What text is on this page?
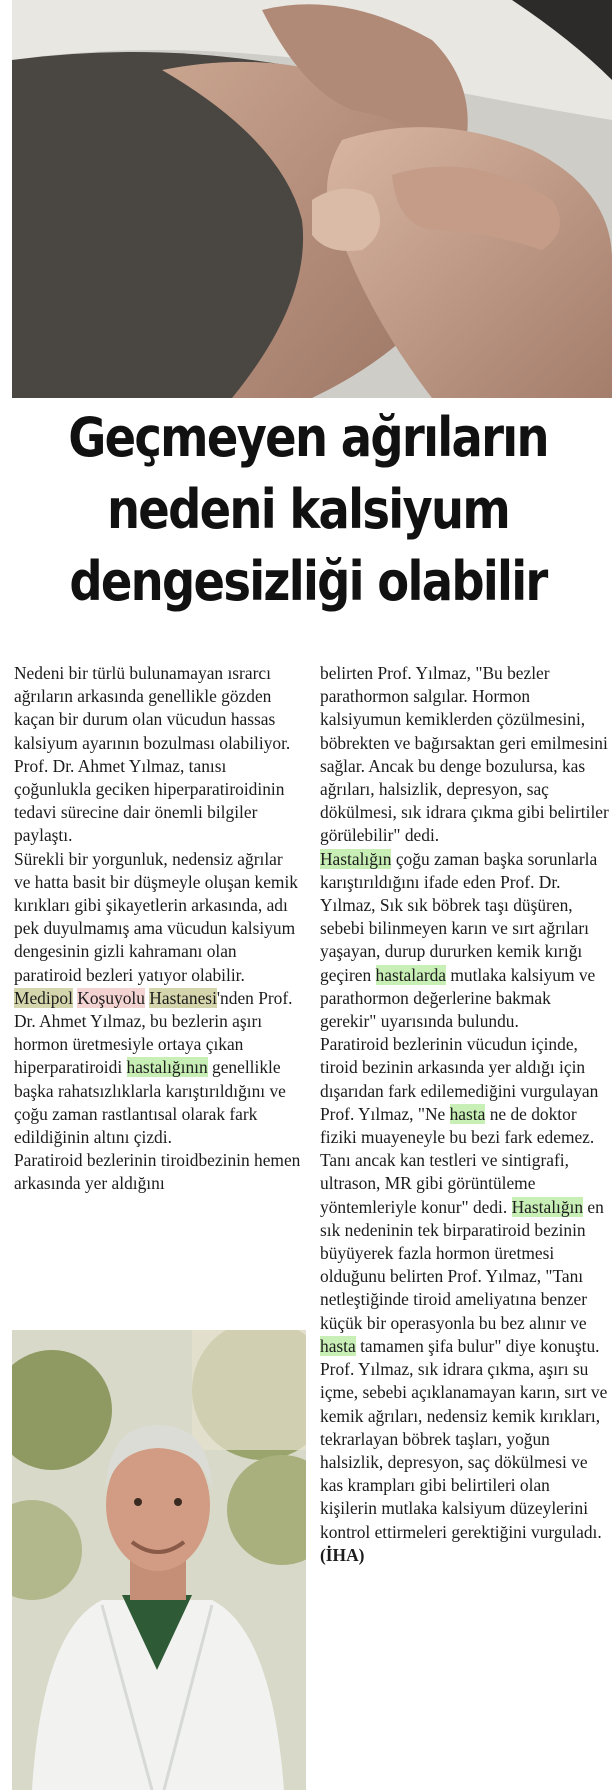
Geçmeyen ağrıların
nedeni kalsiyum
dengesizliği olabilir

Nedeni bir türlü bulunamayan ısrarcı ağrıların arkasında genellikle gözden kaçan bir durum olan vücudun hassas kalsiyum ayarının bozulması olabiliyor. Prof. Dr. Ahmet Yılmaz, tanısı çoğunlukla geciken hiperparatiroidinin tedavi sürecine dair önemli bilgiler paylaştı.

Sürekli bir yorgunluk, nedensiz ağrılar ve hatta basit bir düşmeyle oluşan kemik kırıkları gibi şikayetlerin arkasında, adı pek duyulmamış ama vücudun kalsiyum dengesinin gizli kahramanı olan paratiroid bezleri yatıyor olabilir. Medipol Koşuyolu Hastanesi'nden Prof. Dr. Ahmet Yılmaz, bu bezlerin aşırı hormon üretmesiyle ortaya çıkan hiperparatiroidi hastalığının genellikle başka rahatsızlıklarla karıştırıldığını ve çoğu zaman rastlantısal olarak fark edildiğinin altını çizdi.

Paratiroid bezlerinin tiroidbezinin hemen arkasında yer aldığını

belirten Prof. Yılmaz, "Bu bezler parathormon salgılar. Hormon kalsiyumun kemiklerden çözülmesini, böbrekten ve bağırsaktan geri emilmesini sağlar. Ancak bu denge bozulursa, kas ağrıları, halsizlik, depresyon, saç dökülmesi, sık idrara çıkma gibi belirtiler görülebilir" dedi.

Hastalığın çoğu zaman başka sorunlarla karıştırıldığını ifade eden Prof. Dr. Yılmaz, Sık sık böbrek taşı düşüren, sebebi bilinmeyen karın ve sırt ağrıları yaşayan, durup dururken kemik kırığı geçiren hastalarda mutlaka kalsiyum ve parathormon değerlerine bakmak gerekir" uyarısında bulundu.

Paratiroid bezlerinin vücudun içinde, tiroid bezinin arkasında yer aldığı için dışarıdan fark edilemediğini vurgulayan Prof. Yılmaz, "Ne hasta ne de doktor fiziki muayeneyle bu bezi fark edemez. Tanı ancak kan testleri ve sintigrafi, ultrason, MR gibi görüntüleme yöntemleriyle konur" dedi. Hastalığın en sık nedeninin tek birparatiroid bezinin büyüyerek fazla hormon üretmesi olduğunu belirten Prof. Yılmaz, "Tanı netleştiğinde tiroid ameliyatına benzer küçük bir operasyonla bu bez alınır ve hasta tamamen şifa bulur" diye konuştu.

Prof. Yılmaz, sık idrara çıkma, aşırı su içme, sebebi açıklanamayan karın, sırt ve kemik ağrıları, nedensiz kemik kırıkları, tekrarlayan böbrek taşları, yoğun halsizlik, depresyon, saç dökülmesi ve kas krampları gibi belirtileri olan kişilerin mutlaka kalsiyum düzeylerini kontrol ettirmeleri gerektiğini vurguladı. (İHA)
